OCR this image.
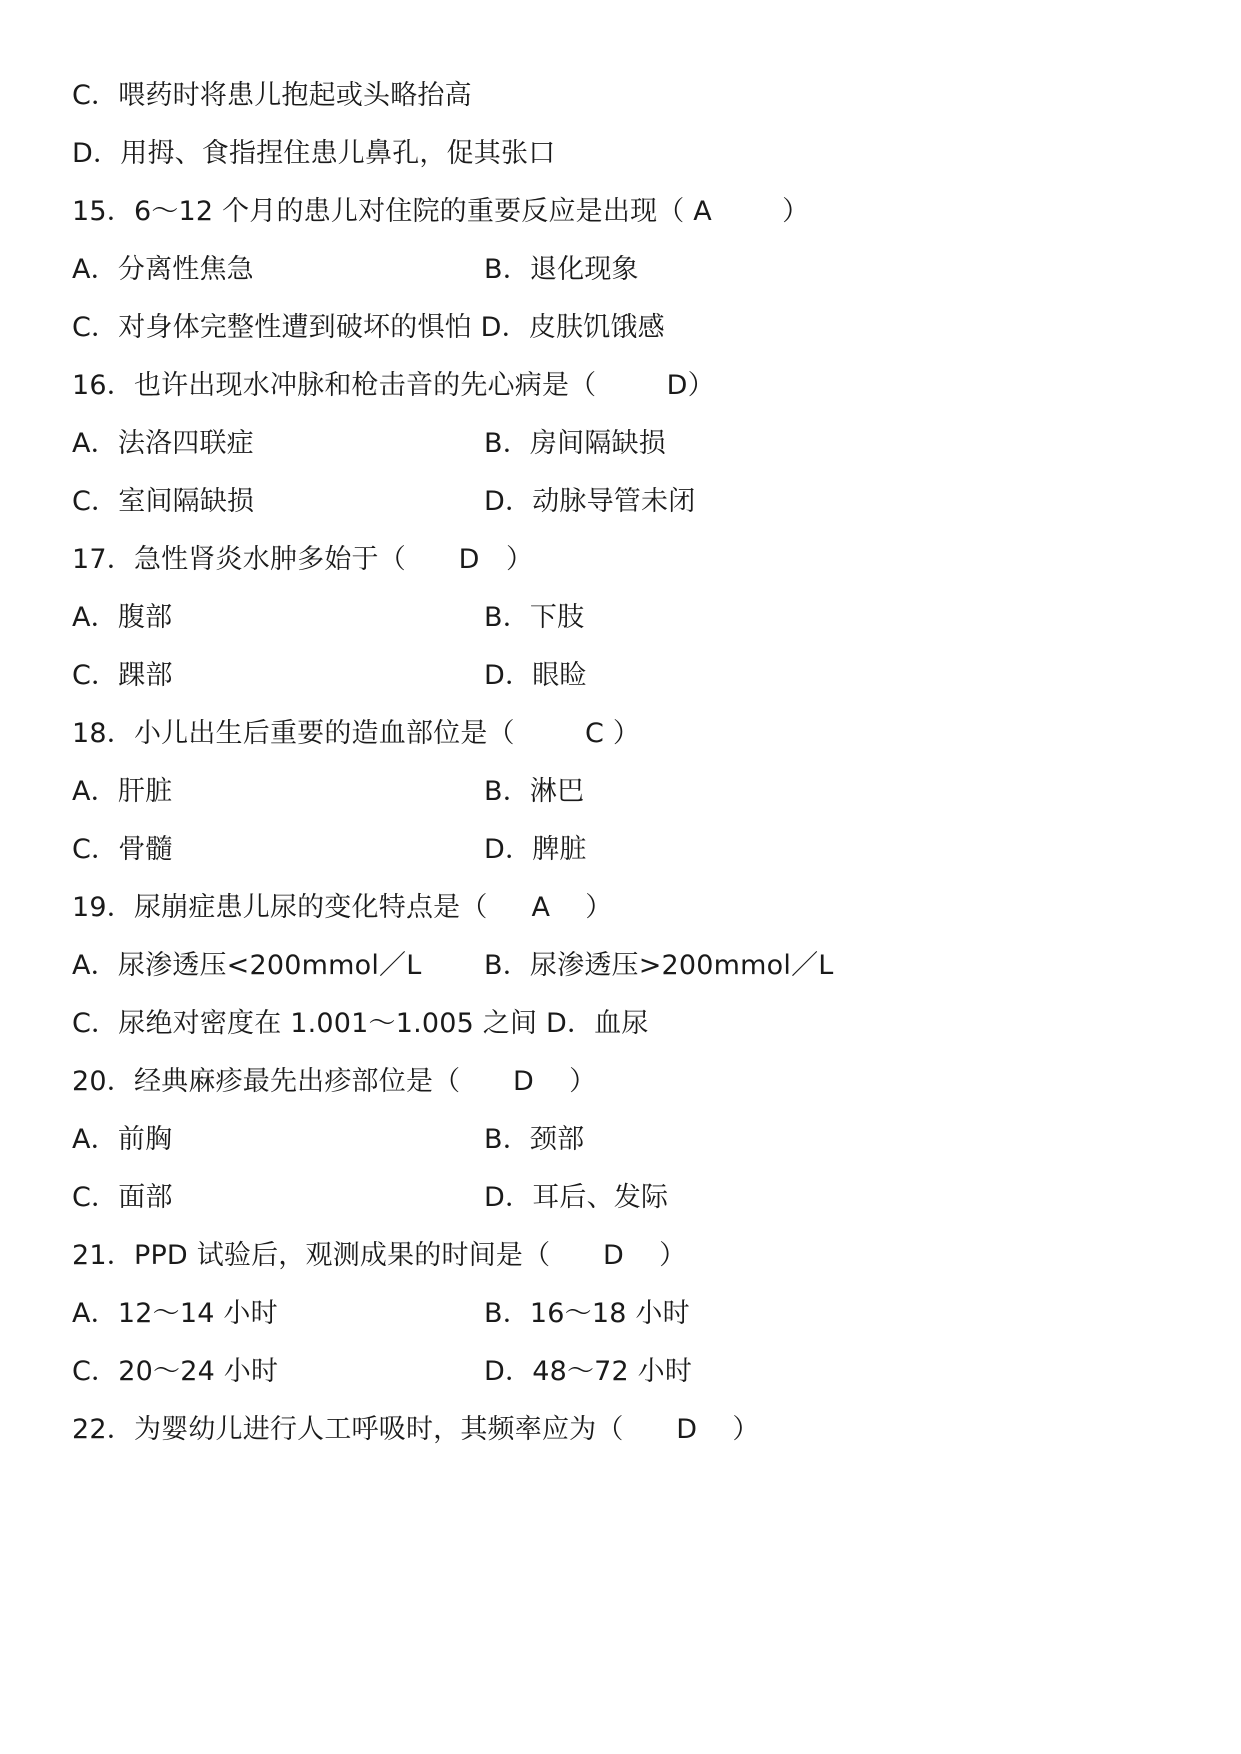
C．喂药时将患儿抱起或头略抬高
D．用拇、食指捏住患儿鼻孔，促其张口
15．6～12 个月的患儿对住院的重要反应是出现（ A        ）

A．分离性焦急

	B．退化现象

C．对身体完整性遭到破坏的惧怕 D．皮肤饥饿感
16．也许出现水冲脉和枪击音的先心病是（        D）

A．法洛四联症

	B．房间隔缺损

C．室间隔缺损

	D．动脉导管未闭

17．急性肾炎水肿多始于（      D   ）

A．腹部

	B．下肢

C．踝部

	D．眼睑

18．小儿出生后重要的造血部位是（        C ）

A．肝脏

	B．淋巴

C．骨髓

	D．脾脏

19．尿崩症患儿尿的变化特点是（     A    ）

A．尿渗透压<200mmol／L

B．尿渗透压>200mmol／L

C．尿绝对密度在 1.001～1.005 之间 D．血尿
20．经典麻疹最先出疹部位是（      D    ）

A．前胸

	B．颈部

C．面部

	D．耳后、发际

21．PPD 试验后，观测成果的时间是（      D    ）

A．12～14 小时

	B．16～18 小时

C．20～24 小时

	D．48～72 小时

22．为婴幼儿进行人工呼吸时，其频率应为（      D    ）
